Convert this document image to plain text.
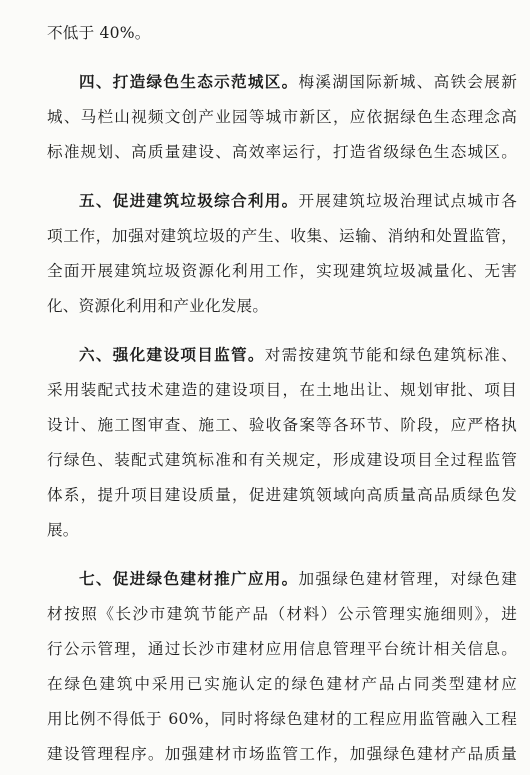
不低于 40%。
四、打造绿色生态示范城区。梅溪湖国际新城、高铁会展新
城、马栏山视频文创产业园等城市新区，应依据绿色生态理念高
标准规划、高质量建设、高效率运行，打造省级绿色生态城区。
五、促进建筑垃圾综合利用。开展建筑垃圾治理试点城市各
项工作，加强对建筑垃圾的产生、收集、运输、消纳和处置监管，
全面开展建筑垃圾资源化利用工作，实现建筑垃圾减量化、无害
化、资源化利用和产业化发展。
六、强化建设项目监管。对需按建筑节能和绿色建筑标准、
采用装配式技术建造的建设项目，在土地出让、规划审批、项目
设计、施工图审查、施工、验收备案等各环节、阶段，应严格执
行绿色、装配式建筑标准和有关规定，形成建设项目全过程监管
体系，提升项目建设质量，促进建筑领域向高质量高品质绿色发
展。
七、促进绿色建材推广应用。加强绿色建材管理，对绿色建
材按照《长沙市建筑节能产品（材料）公示管理实施细则》，进
行公示管理，通过长沙市建材应用信息管理平台统计相关信息。
在绿色建筑中采用已实施认定的绿色建材产品占同类型建材应
用比例不得低于 60%，同时将绿色建材的工程应用监管融入工程
建设管理程序。加强建材市场监管工作，加强绿色建材产品质量
